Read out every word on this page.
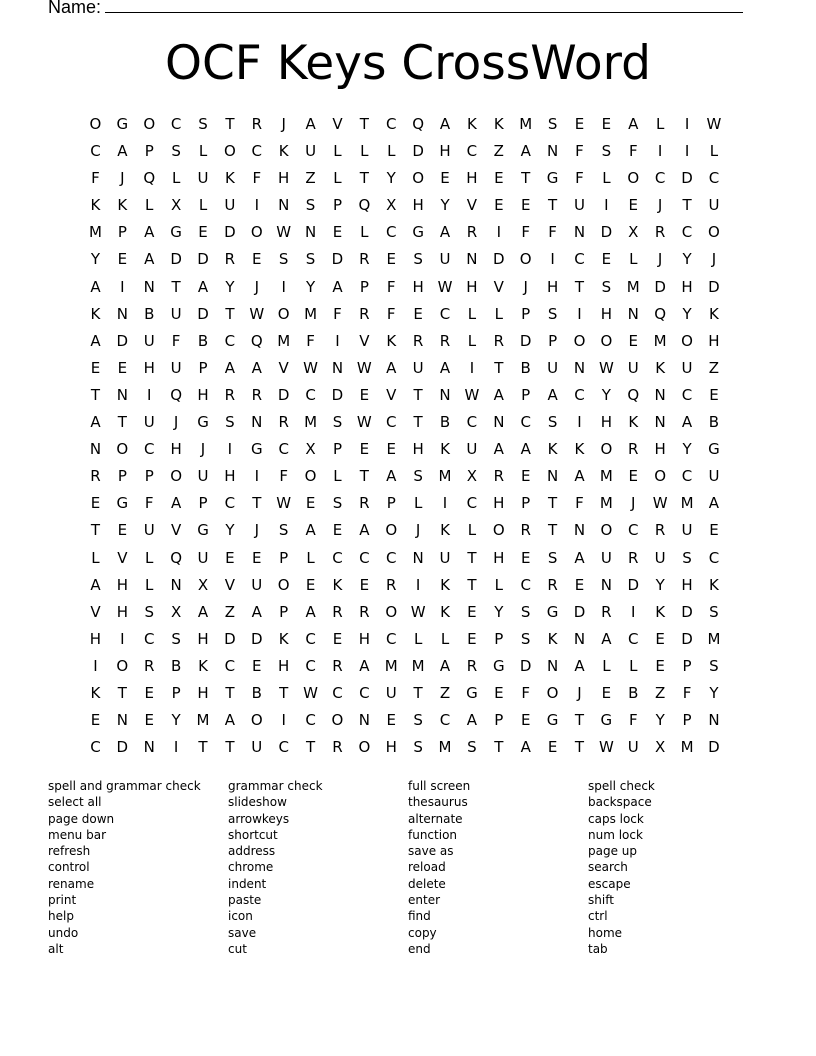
Name:
OCF Keys CrossWord
O	G	O	C	S	T	R	J	A	V	T	C	Q	A	K	K	M	S	E	E	A	L	I	W
C	A	P	S	L	O	C	K	U	L	L	L	D	H	C	Z	A	N	F	S	F	I	I	L
F	J	Q	L	U	K	F	H	Z	L	T	Y	O	E	H	E	T	G	F	L	O	C	D	C
K	K	L	X	L	U	I	N	S	P	Q	X	H	Y	V	E	E	T	U	I	E	J	T	U
M	P	A	G	E	D	O W N	E	L	C	G	A	R	I	F	F	N	D	X	R	C	O
Y	E	A	D	D	R	E	S	S	D	R	E	S	U	N	D	O	I	C	E	L	J	Y	J
A	I	N	T	A	Y	J	I	Y	A	P	F	H W H	V	J	H	T	S	M D	H	D
K	N	B	U	D	T W O M	F	R	F	E	C	L	L	P	S	I	H	N	Q	Y	K
A	D	U	F	B	C	Q M	F	I	V	K	R	R	L	R	D	P	O	O	E	M O	H
E	E	H	U	P	A	A	V W N W A	U	A	I	T	B	U	N W U	K	U	Z
T	N	I	Q	H	R	R	D	C	D	E	V	T	N W A	P	A	C	Y	Q	N	C	E
A	T	U	J	G	S	N	R	M	S W C	T	B	C	N	C	S	I	H	K	N	A	B
N	O	C	H	J	I	G	C	X	P	E	E	H	K	U	A	A	K	K	O	R	H	Y	G
R	P	P	O	U	H	I	F	O	L	T	A	S	M	X	R	E	N	A	M	E	O	C	U
E	G	F	A	P	C	T W E	S	R	P	L	I	C	H	P	T	F	M	J	W M	A
T	E	U	V	G	Y	J	S	A	E	A	O	J	K	L	O	R	T	N	O	C	R	U	E
L	V	L	Q	U	E	E	P	L	C	C	C	N	U	T	H	E	S	A	U	R	U	S	C
A	H	L	N	X	V	U	O	E	K	E	R	I	K	T	L	C	R	E	N	D	Y	H	K
V	H	S	X	A	Z	A	P	A	R	R	O W K	E	Y	S	G	D	R	I	K	D	S
H	I	C	S	H	D	D	K	C	E	H	C	L	L	E	P	S	K	N	A	C	E	D M
I	O	R	B	K	C	E	H	C	R	A	M M	A	R	G	D	N	A	L	L	E	P	S
K	T	E	P	H	T	B	T W C	C	U	T	Z	G	E	F	O	J	E	B	Z	F	Y
E	N	E	Y	M	A	O	I	C	O	N	E	S	C	A	P	E	G	T	G	F	Y	P	N
C	D	N	I	T	T	U	C	T	R	O	H	S	M	S	T	A	E	T W U	X	M D
spell and grammar check	grammar check	full screen	spell check
select all	slideshow	thesaurus	backspace
page down	arrowkeys	alternate	caps lock
menu bar	shortcut	function	num lock
refresh	address	save as	page up
control	chrome	reload	search
rename	indent	delete	escape
print	paste	enter	shift
help	icon	find	ctrl
undo	save	copy	home
alt	cut	end	tab
